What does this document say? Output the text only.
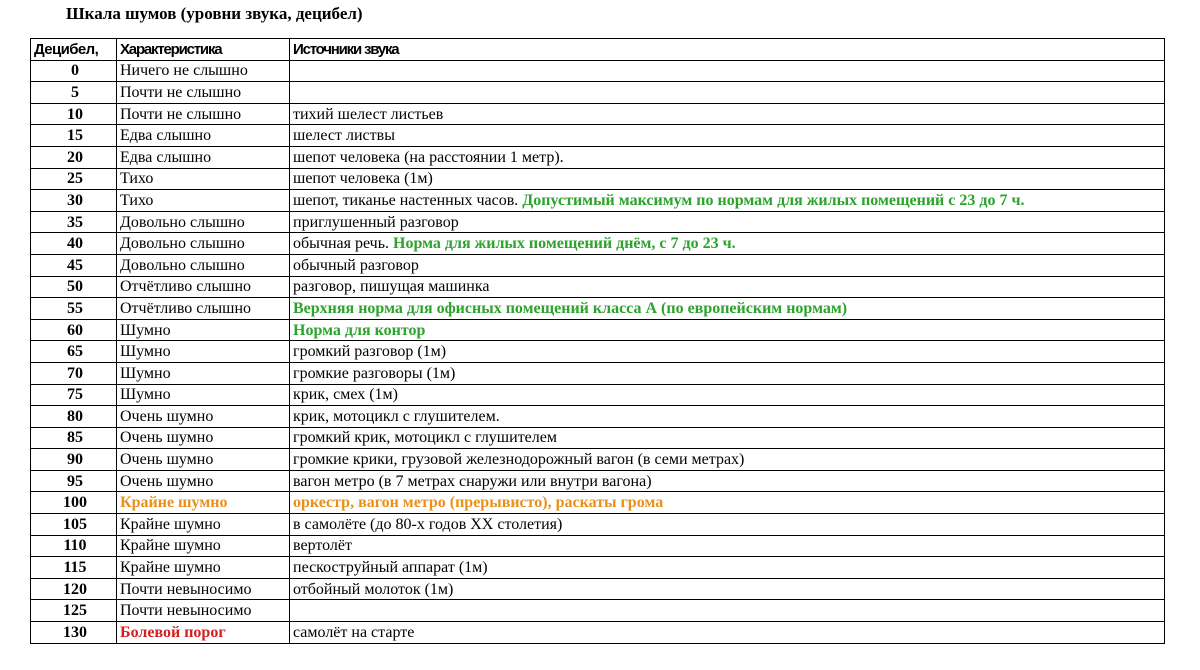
Шкала шумов (уровни звука, децибел)
Децибел,	Характеристика	Источники звука
0	Ничего не слышно	
5	Почти не слышно	
10	Почти не слышно	тихий шелест листьев
15	Едва слышно	шелест листвы
20	Едва слышно	шепот человека (на расстоянии 1 метр).
25	Тихо	шепот человека (1м)
30	Тихо	шепот, тиканье настенных часов. Допустимый максимум по нормам для жилых помещений с 23 до 7 ч.
35	Довольно слышно	приглушенный разговор
40	Довольно слышно	обычная речь. Норма для жилых помещений днём, с 7 до 23 ч.
45	Довольно слышно	обычный разговор
50	Отчётливо слышно	разговор, пишущая машинка
55	Отчётливо слышно	Верхняя норма для офисных помещений класса А (по европейским нормам)
60	Шумно	Норма для контор
65	Шумно	громкий разговор (1м)
70	Шумно	громкие разговоры (1м)
75	Шумно	крик, смех (1м)
80	Очень шумно	крик, мотоцикл с глушителем.
85	Очень шумно	громкий крик, мотоцикл с глушителем
90	Очень шумно	громкие крики, грузовой железнодорожный вагон (в семи метрах)
95	Очень шумно	вагон метро (в 7 метрах снаружи или внутри вагона)
100	Крайне шумно	оркестр, вагон метро (прерывисто), раскаты грома
105	Крайне шумно	в самолёте (до 80-х годов XX столетия)
110	Крайне шумно	вертолёт
115	Крайне шумно	пескоструйный аппарат (1м)
120	Почти невыносимо	отбойный молоток (1м)
125	Почти невыносимо	
130	Болевой порог	самолёт на старте
